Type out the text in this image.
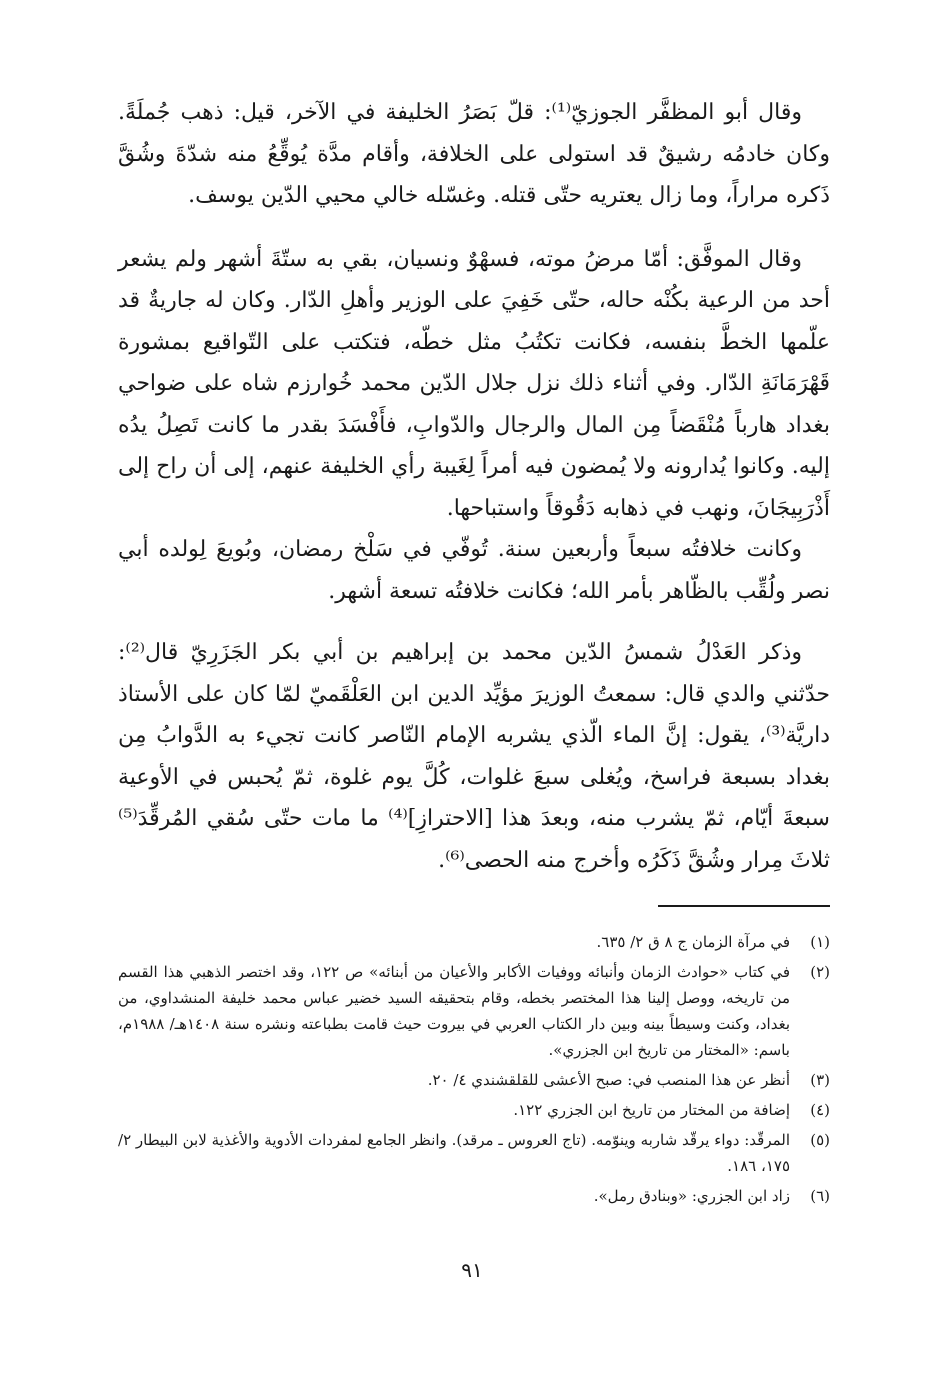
وقال أبو المظفَّر الجوزيّ⁽¹⁾: قلّ بَصَرُ الخليفة في الآخر، قيل: ذهب جُملَةً. وكان خادمُه رشيقٌ قد استولى على الخلافة، وأقام مدَّة يُوقِّعُ منه شدّةَ وشُقَّ ذَكره مراراً، وما زال يعتريه حتّى قتله. وغسّله خالي محيي الدّين يوسف.

وقال الموفَّق: أمّا مرضُ موته، فسهْوٌ ونسيان، بقي به ستّةَ أشهر ولم يشعر أحد من الرعية بكُنْه حاله، حتّى خَفِيَ على الوزير وأهلِ الدّار. وكان له جاريةٌ قد علّمها الخطَّ بنفسه، فكانت تكتُبُ مثل خطّه، فتكتب على التّواقيع بمشورة قَهْرَمَانَةِ الدّار. وفي أثناء ذلك نزل جلال الدّين محمد خُوارزم شاه على ضواحي بغداد هارباً مُنْقَضاً مِن المال والرجال والدّوابِ، فأَفْسَدَ بقدر ما كانت تَصِلُ يدُه إليه. وكانوا يُدارونه ولا يُمضون فيه أمراً لِغَيبة رأي الخليفة عنهم، إلى أن راح إلى أَذْرَبِيجَانَ، ونهب في ذهابه دَقُوقاً واستباحها.

وكانت خلافتُه سبعاً وأربعين سنة. تُوفّي في سَلْخ رمضان، وبُويعَ لِولده أبي نصر ولُقِّب بالظّاهر بأمر الله؛ فكانت خلافتُه تسعة أشهر.

وذكر العَدْلُ شمسُ الدّين محمد بن إبراهيم بن أبي بكر الجَزَرِيّ قال⁽²⁾: حدّثني والدي قال: سمعتُ الوزيرَ مؤيِّد الدين ابن العَلْقَميّ لمّا كان على الأستاذ داريَّة⁽³⁾، يقول: إنَّ الماء الّذي يشربه الإمام النّاصر كانت تجيء به الدَّوابُ مِن بغداد بسبعة فراسخ، ويُغلى سبعَ غلوات، كُلَّ يوم غلوة، ثمّ يُحبس في الأوعية سبعةَ أيّام، ثمّ يشرب منه، وبعدَ هذا [الاحترازِ]⁽⁴⁾ ما مات حتّى سُقي المُرقِّدَ⁽⁵⁾ ثلاثَ مِرار وشُقَّ ذَكَرُه وأخرج منه الحصى⁽⁶⁾.

(١)
في مرآة الزمان ج ٨ ق ٢/ ٦٣٥.
(٢)
في كتاب «حوادث الزمان وأنبائه ووفيات الأكابر والأعيان من أبنائه» ص ١٢٢، وقد اختصر الذهبي هذا القسم من تاريخه، ووصل إلينا هذا المختصر بخطه، وقام بتحقيقه السيد خضير عباس محمد خليفة المنشداوي، من بغداد، وكنت وسيطاً بينه وبين دار الكتاب العربي في بيروت حيث قامت بطباعته ونشره سنة ١٤٠٨هـ/ ١٩٨٨م، باسم: «المختار من تاريخ ابن الجزري».
(٣)
أنظر عن هذا المنصب في: صبح الأعشى للقلقشندي ٤/ ٢٠.
(٤)
إضافة من المختار من تاريخ ابن الجزري ١٢٢.
(٥)
المرقّد: دواء يرقّد شاربه وينوّمه. (تاج العروس ـ مرقد). وانظر الجامع لمفردات الأدوية والأغذية لابن البيطار ٢/ ١٧٥، ١٨٦.
(٦)
زاد ابن الجزري: «وبنادق رمل».
٩١
